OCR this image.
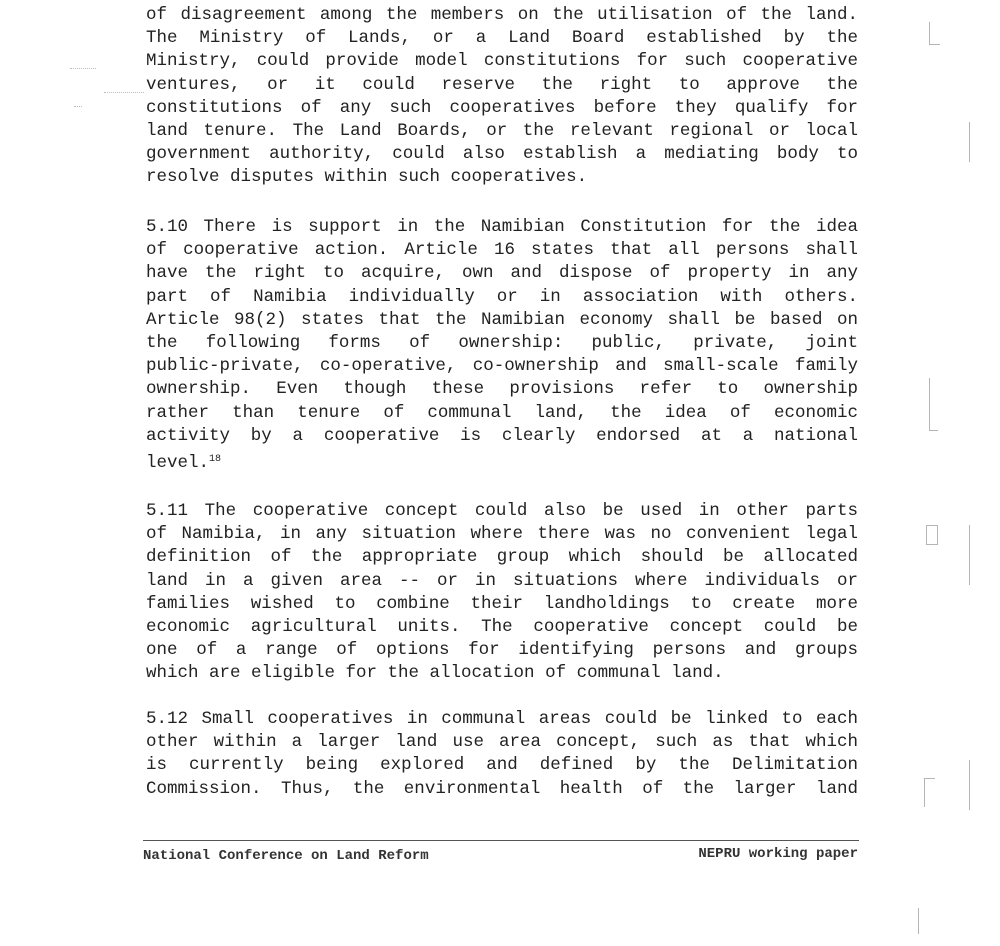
of disagreement among the members on the utilisation of the land.
The Ministry of Lands, or a Land Board established by the
Ministry, could provide model constitutions for such cooperative
ventures, or it could reserve the right to approve the
constitutions of any such cooperatives before they qualify for
land tenure. The Land Boards, or the relevant regional or local
government authority, could also establish a mediating body to
resolve disputes within such cooperatives.
5.10 There is support in the Namibian Constitution for the idea
of cooperative action. Article 16 states that all persons shall
have the right to acquire, own and dispose of property in any
part of Namibia individually or in association with others.
Article 98(2) states that the Namibian economy shall be based on
the following forms of ownership: public, private, joint
public-private, co-operative, co-ownership and small-scale family
ownership. Even though these provisions refer to ownership
rather than tenure of communal land, the idea of economic
activity by a cooperative is clearly endorsed at a national
level.$^{18}$
5.11 The cooperative concept could also be used in other parts
of Namibia, in any situation where there was no convenient legal
definition of the appropriate group which should be allocated
land in a given area -- or in situations where individuals or
families wished to combine their landholdings to create more
economic agricultural units. The cooperative concept could be
one of a range of options for identifying persons and groups
which are eligible for the allocation of communal land.
5.12 Small cooperatives in communal areas could be linked to each
other within a larger land use area concept, such as that which
is currently being explored and defined by the Delimitation
Commission. Thus, the environmental health of the larger land
National Conference on Land Reform	NEPRU working paper
